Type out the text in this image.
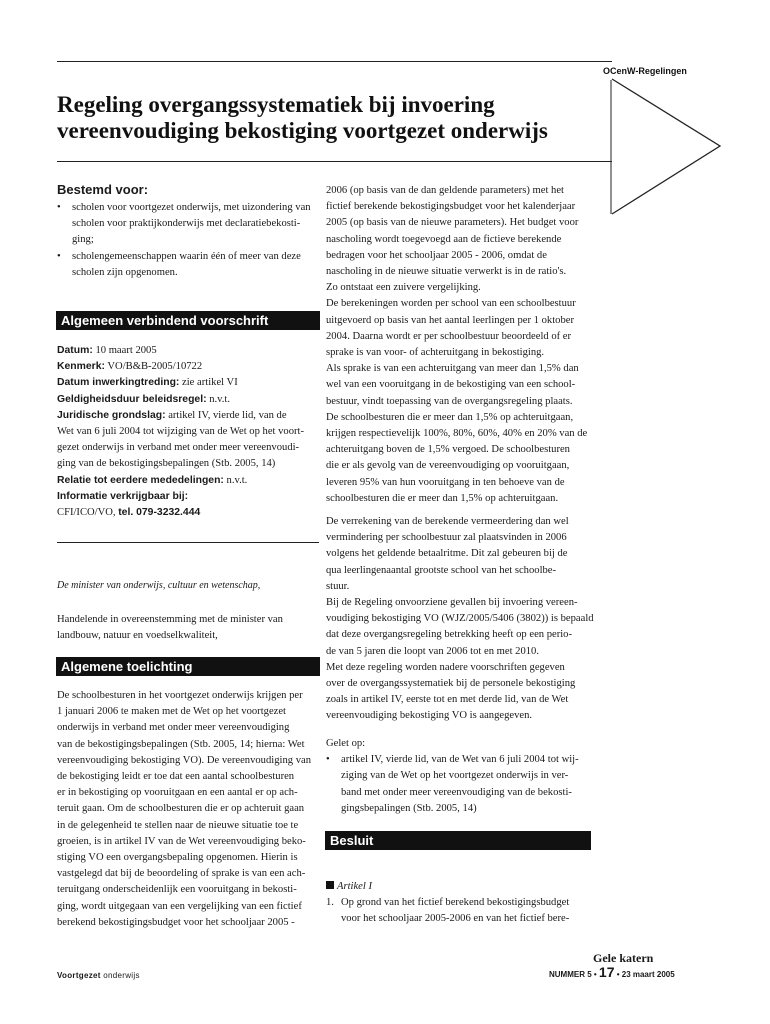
OCenW-Regelingen
Regeling overgangssystematiek bij invoering
vereenvoudiging bekostiging voortgezet onderwijs
Bestemd voor:
• scholen voor voortgezet onderwijs, met uizondering van
scholen voor praktijkonderwijs met declaratiebekosti-
ging;
• scholengemeenschappen waarin één of meer van deze
scholen zijn opgenomen.
Algemeen verbindend voorschrift
Datum: 10 maart 2005
Kenmerk: VO/B&B-2005/10722
Datum inwerkingtreding: zie artikel VI
Geldigheidsduur beleidsregel: n.v.t.
Juridische grondslag: artikel IV, vierde lid, van de
Wet van 6 juli 2004 tot wijziging van de Wet op het voort-
gezet onderwijs in verband met onder meer vereenvoudi-
ging van de bekostigingsbepalingen (Stb. 2005, 14)
Relatie tot eerdere mededelingen: n.v.t.
Informatie verkrijgbaar bij:
CFI/ICO/VO, tel. 079-3232.444
De minister van onderwijs, cultuur en wetenschap,
Handelende in overeenstemming met de minister van
landbouw, natuur en voedselkwaliteit,
Algemene toelichting
De schoolbesturen in het voortgezet onderwijs krijgen per
1 januari 2006 te maken met de Wet op het voortgezet
onderwijs in verband met onder meer vereenvoudiging
van de bekostigingsbepalingen (Stb. 2005, 14; hierna: Wet
vereenvoudiging bekostiging VO). De vereenvoudiging van
de bekostiging leidt er toe dat een aantal schoolbesturen
er in bekostiging op vooruitgaan en een aantal er op ach-
teruit gaan. Om de schoolbesturen die er op achteruit gaan
in de gelegenheid te stellen naar de nieuwe situatie toe te
groeien, is in artikel IV van de Wet vereenvoudiging beko-
stiging VO een overgangsbepaling opgenomen. Hierin is
vastgelegd dat bij de beoordeling of sprake is van een ach-
teruitgang onderscheidenlijk een vooruitgang in bekosti-
ging, wordt uitgegaan van een vergelijking van een fictief
berekend bekostigingsbudget voor het schooljaar 2005 -
2006 (op basis van de dan geldende parameters) met het
fictief berekende bekostigingsbudget voor het kalenderjaar
2005 (op basis van de nieuwe parameters). Het budget voor
nascholing wordt toegevoegd aan de fictieve berekende
bedragen voor het schooljaar 2005 - 2006, omdat de
nascholing in de nieuwe situatie verwerkt is in de ratio's.
Zo ontstaat een zuivere vergelijking.
De berekeningen worden per school van een schoolbestuur
uitgevoerd op basis van het aantal leerlingen per 1 oktober
2004. Daarna wordt er per schoolbestuur beoordeeld of er
sprake is van voor- of achteruitgang in bekostiging.
Als sprake is van een achteruitgang van meer dan 1,5% dan
wel van een vooruitgang in de bekostiging van een school-
bestuur, vindt toepassing van de overgangsregeling plaats.
De schoolbesturen die er meer dan 1,5% op achteruitgaan,
krijgen respectievelijk 100%, 80%, 60%, 40% en 20% van de
achteruitgang boven de 1,5% vergoed. De schoolbesturen
die er als gevolg van de vereenvoudiging op vooruitgaan,
leveren 95% van hun vooruitgang in ten behoeve van de
schoolbesturen die er meer dan 1,5% op achteruitgaan.
De verrekening van de berekende vermeerdering dan wel
vermindering per schoolbestuur zal plaatsvinden in 2006
volgens het geldende betaalritme. Dit zal gebeuren bij de
qua leerlingenaantal grootste school van het schoolbe-
stuur.
Bij de Regeling onvoorziene gevallen bij invoering vereen-
voudiging bekostiging VO (WJZ/2005/5406 (3802)) is bepaald
dat deze overgangsregeling betrekking heeft op een perio-
de van 5 jaren die loopt van 2006 tot en met 2010.
Met deze regeling worden nadere voorschriften gegeven
over de overgangssystematiek bij de personele bekostiging
zoals in artikel IV, eerste tot en met derde lid, van de Wet
vereenvoudiging bekostiging VO is aangegeven.
Gelet op:
• artikel IV, vierde lid, van de Wet van 6 juli 2004 tot wij-
ziging van de Wet op het voortgezet onderwijs in ver-
band met onder meer vereenvoudiging van de bekosti-
gingsbepalingen (Stb. 2005, 14)
Besluit
Artikel I
1. Op grond van het fictief berekend bekostigingsbudget
voor het schooljaar 2005-2006 en van het fictief bere-
Gele katern
Voortgezet onderwijs	NUMMER 5 • 17 • 23 maart 2005
